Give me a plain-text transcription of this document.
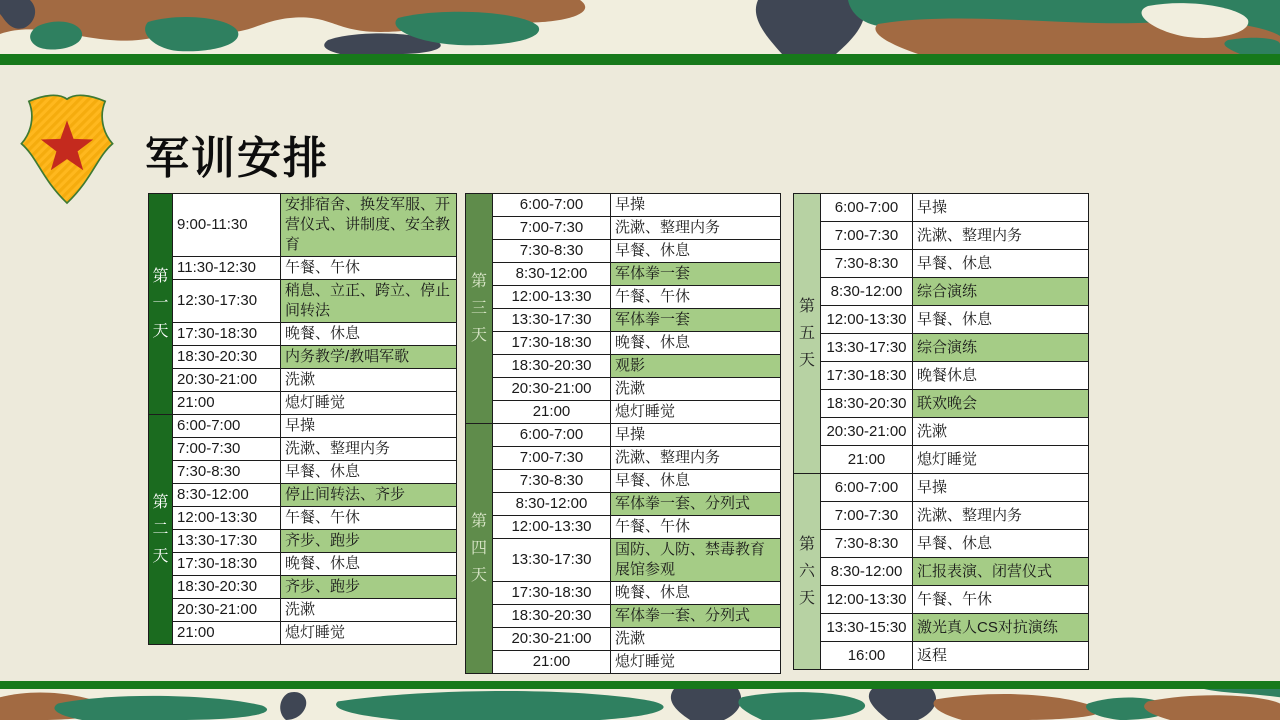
军训安排
第一天	9:00-11:30	安排宿舍、换发军服、开营仪式、讲制度、安全教育
	11:30-12:30	午餐、午休
	12:30-17:30	稍息、立正、跨立、停止间转法
	17:30-18:30	晚餐、休息
	18:30-20:30	内务教学/教唱军歌
	20:30-21:00	洗漱
	21:00	熄灯睡觉
第二天	6:00-7:00	早操
	7:00-7:30	洗漱、整理内务
	7:30-8:30	早餐、休息
	8:30-12:00	停止间转法、齐步
	12:00-13:30	午餐、午休
	13:30-17:30	齐步、跑步
	17:30-18:30	晚餐、休息
	18:30-20:30	齐步、跑步
	20:30-21:00	洗漱
	21:00	熄灯睡觉
第三天	6:00-7:00	早操
	7:00-7:30	洗漱、整理内务
	7:30-8:30	早餐、休息
	8:30-12:00	军体拳一套
	12:00-13:30	午餐、午休
	13:30-17:30	军体拳一套
	17:30-18:30	晚餐、休息
	18:30-20:30	观影
	20:30-21:00	洗漱
	21:00	熄灯睡觉
第四天	6:00-7:00	早操
	7:00-7:30	洗漱、整理内务
	7:30-8:30	早餐、休息
	8:30-12:00	军体拳一套、分列式
	12:00-13:30	午餐、午休
	13:30-17:30	国防、人防、禁毒教育展馆参观
	17:30-18:30	晚餐、休息
	18:30-20:30	军体拳一套、分列式
	20:30-21:00	洗漱
	21:00	熄灯睡觉
第五天	6:00-7:00	早操
	7:00-7:30	洗漱、整理内务
	7:30-8:30	早餐、休息
	8:30-12:00	综合演练
	12:00-13:30	早餐、休息
	13:30-17:30	综合演练
	17:30-18:30	晚餐休息
	18:30-20:30	联欢晚会
	20:30-21:00	洗漱
	21:00	熄灯睡觉
第六天	6:00-7:00	早操
	7:00-7:30	洗漱、整理内务
	7:30-8:30	早餐、休息
	8:30-12:00	汇报表演、闭营仪式
	12:00-13:30	午餐、午休
	13:30-15:30	激光真人CS对抗演练
	16:00	返程
